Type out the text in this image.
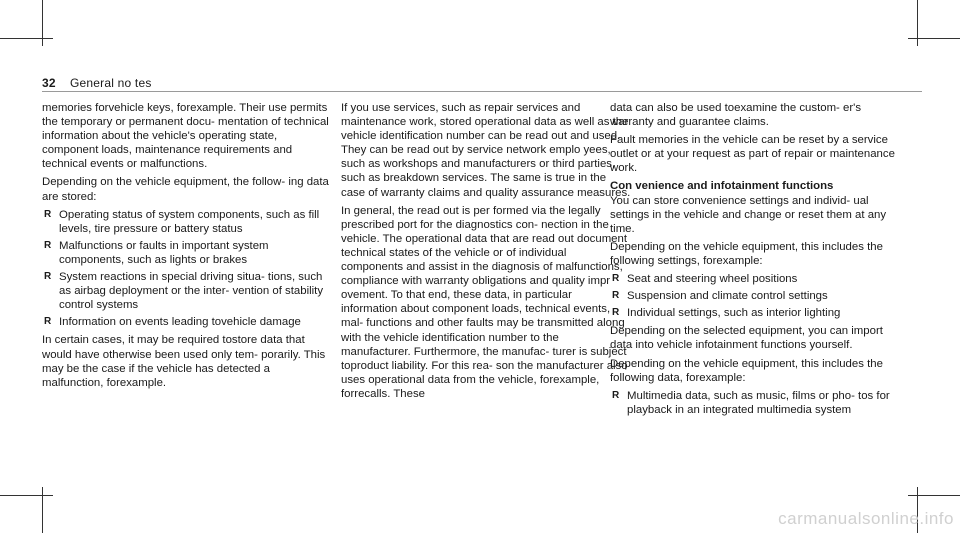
32 General no tes

memories forvehicle keys, forexample. Their use permits the temporary or permanent docu‐ mentation of technical information about the vehicle's operating state, component loads, maintenance requirements and technical events or malfunctions.

Depending on the vehicle equipment, the follow‐ ing data are stored:

R Operating status of system components, such as fill levels, tire pressure or battery status
R Malfunctions or faults in important system components, such as lights or brakes
R System reactions in special driving situa‐ tions, such as airbag deployment or the inter‐ vention of stability control systems
R Information on events leading tovehicle damage

In certain cases, it may be required tostore data that would have otherwise been used only tem‐ porarily. This may be the case if the vehicle has detected a malfunction, forexample.

If you use services, such as repair services and maintenance work, stored operational data as well as the vehicle identification number can be read out and used. They can be read out by service network emplo yees, such as workshops and manufacturers or third parties, such as breakdown services. The same is true in the case of warranty claims and quality assurance measures.

In general, the read out is per formed via the legally prescribed port for the diagnostics con‐ nection in the vehicle. The operational data that are read out document technical states of the vehicle or of individual components and assist in the diagnosis of malfunctions, compliance with warranty obligations and quality impr ovement. To that end, these data, in particular information about component loads, technical events, mal‐ functions and other faults may be transmitted along with the vehicle identification number to the manufacturer. Furthermore, the manufac‐ turer is subject toproduct liability. For this rea‐ son the manufacturer also uses operational data from the vehicle, forexample, forrecalls. These

data can also be used toexamine the custom‐ er's warranty and guarantee claims.

Fault memories in the vehicle can be reset by a service outlet or at your request as part of repair or maintenance work.

Con venience and infotainment functions

You can store convenience settings and individ‐ ual settings in the vehicle and change or reset them at any time.

Depending on the vehicle equipment, this includes the following settings, forexample:

R Seat and steering wheel positions
R Suspension and climate control settings
R Individual settings, such as interior lighting

Depending on the selected equipment, you can import data into vehicle infotainment functions yourself.

Depending on the vehicle equipment, this includes the following data, forexample:

R Multimedia data, such as music, films or pho‐ tos for playback in an integrated multimedia system
carmanualsonline.info
